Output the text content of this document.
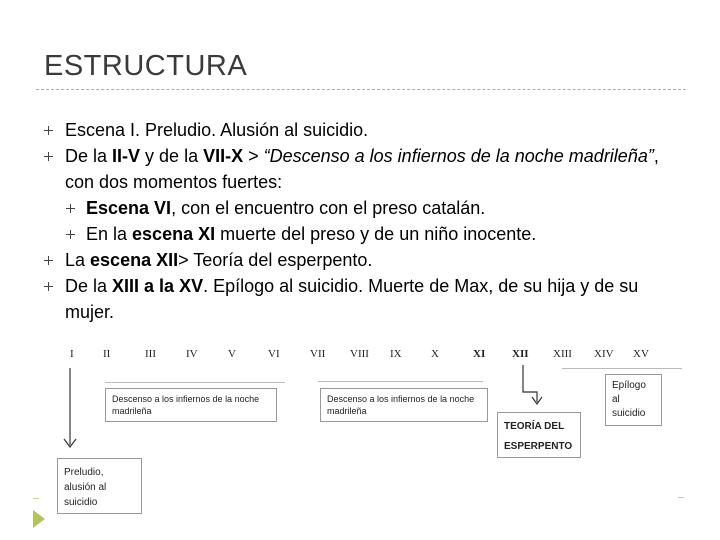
ESTRUCTURA
Escena I. Preludio. Alusión al suicidio.
De la II-V y de la VII-X > “Descenso a los infiernos de la noche madrileña”, con dos momentos fuertes:
Escena VI, con el encuentro con el preso catalán.
En la escena XI muerte del preso y de un niño inocente.
La escena XII> Teoría del esperpento.
De la XIII a la XV. Epílogo al suicidio. Muerte de Max, de su hija y de su mujer.
I	II	III	IV	V	VI	VII VIII IX	X	XI XII XIII XIV XV
Descenso a los infiernos de la noche madrileña
Descenso a los infiernos de la noche madrileña
TEORÍA DEL ESPERPENTO
Epílogo al suicidio
Preludio, alusión al suicidio
